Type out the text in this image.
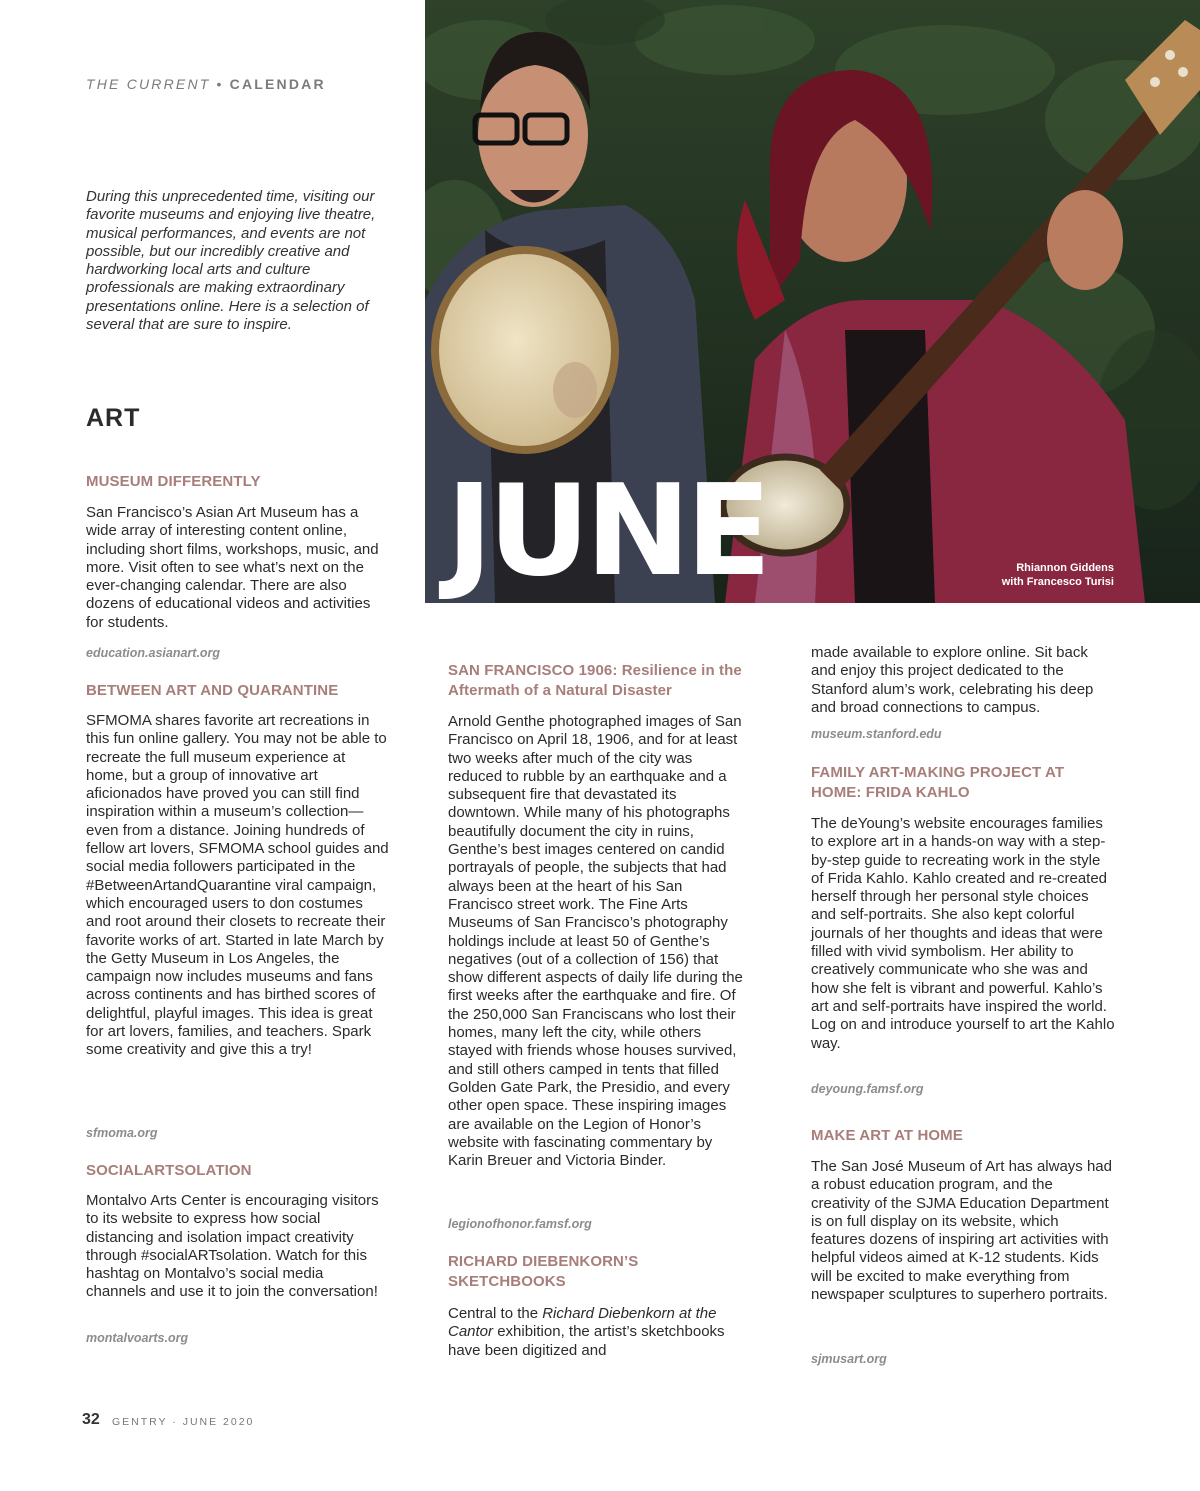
THE CURRENT • CALENDAR
During this unprecedented time, visiting our favorite museums and enjoying live theatre, musical performances, and events are not possible, but our incredibly creative and hardworking local arts and culture professionals are making extraordinary presentations online. Here is a selection of several that are sure to inspire.
ART
MUSEUM DIFFERENTLY
San Francisco’s Asian Art Museum has a wide array of interesting content online, including short films, workshops, music, and more. Visit often to see what’s next on the ever-changing calendar. There are also dozens of educational videos and activities for students.
education.asianart.org
BETWEEN ART AND QUARANTINE
SFMOMA shares favorite art recreations in this fun online gallery. You may not be able to recreate the full museum experience at home, but a group of innovative art aficionados have proved you can still find inspiration within a museum’s collection—even from a distance. Joining hundreds of fellow art lovers, SFMOMA school guides and social media followers participated in the #BetweenArtandQuarantine viral campaign, which encouraged users to don costumes and root around their closets to recreate their favorite works of art. Started in late March by the Getty Museum in Los Angeles, the campaign now includes museums and fans across continents and has birthed scores of delightful, playful images. This idea is great for art lovers, families, and teachers. Spark some creativity and give this a try!
sfmoma.org
SOCIALARTSOLATION
Montalvo Arts Center is encouraging visitors to its website to express how social distancing and isolation impact creativity through #socialARTsolation. Watch for this hashtag on Montalvo’s social media channels and use it to join the conversation!
montalvoarts.org
JUNE	Rhiannon Giddens
with Francesco Turisi
SAN FRANCISCO 1906: Resilience in the
Aftermath of a Natural Disaster
Arnold Genthe photographed images of San Francisco on April 18, 1906, and for at least two weeks after much of the city was reduced to rubble by an earthquake and a subsequent fire that devastated its downtown. While many of his photographs beautifully document the city in ruins, Genthe’s best images centered on candid portrayals of people, the subjects that had always been at the heart of his San Francisco street work. The Fine Arts Museums of San Francisco’s photography holdings include at least 50 of Genthe’s negatives (out of a collection of 156) that show different aspects of daily life during the first weeks after the earthquake and fire. Of the 250,000 San Franciscans who lost their homes, many left the city, while others stayed with friends whose houses survived, and still others camped in tents that filled Golden Gate Park, the Presidio, and every other open space. These inspiring images are available on the Legion of Honor’s website with fascinating commentary by Karin Breuer and Victoria Binder.
legionofhonor.famsf.org
RICHARD DIEBENKORN’S
SKETCHBOOKS
Central to the Richard Diebenkorn at the Cantor exhibition, the artist’s sketchbooks have been digitized and
made available to explore online. Sit back and enjoy this project dedicated to the Stanford alum’s work, celebrating his deep and broad connections to campus.
museum.stanford.edu
FAMILY ART-MAKING PROJECT AT
HOME: FRIDA KAHLO
The deYoung’s website encourages families to explore art in a hands-on way with a step-by-step guide to recreating work in the style of Frida Kahlo. Kahlo created and re-created herself through her personal style choices and self-portraits. She also kept colorful journals of her thoughts and ideas that were filled with vivid symbolism. Her ability to creatively communicate who she was and how she felt is vibrant and powerful. Kahlo’s art and self-portraits have inspired the world. Log on and introduce yourself to art the Kahlo way.
deyoung.famsf.org
MAKE ART AT HOME
The San José Museum of Art has always had a robust education program, and the creativity of the SJMA Education Department is on full display on its website, which features dozens of inspiring art activities with helpful videos aimed at K-12 students. Kids will be excited to make everything from newspaper sculptures to superhero portraits.
sjmusart.org
32 GENTRY · JUNE 2020
